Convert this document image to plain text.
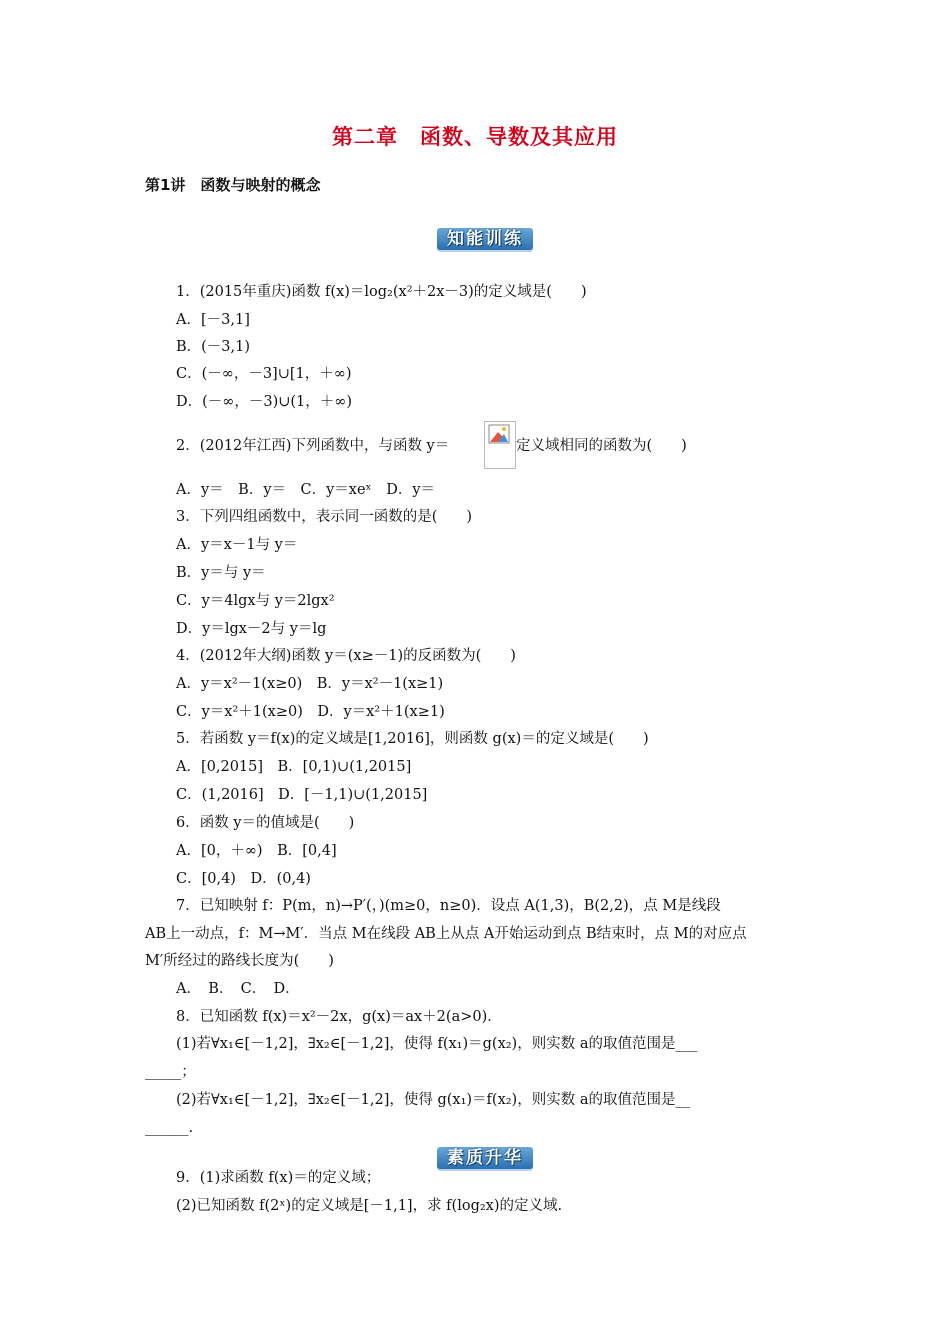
第二章　函数、导数及其应用
第1讲　函数与映射的概念
知能训练
1．(2015年重庆)函数 f(x)＝log₂(x²＋2x－3)的定义域是(　　)
A．[－3,1]
B．(－3,1)
C．(－∞，－3]∪[1，＋∞)
D．(－∞，－3)∪(1，＋∞)
2．(2012年江西)下列函数中，与函数 y＝	定义域相同的函数为(　　)
A．y＝　B．y＝　C．y＝xeˣ　D．y＝
3．下列四组函数中，表示同一函数的是(　　)
A．y＝x－1与 y＝
B．y＝与 y＝
C．y＝4lgx与 y＝2lgx²
D．y＝lgx－2与 y＝lg
4．(2012年大纲)函数 y＝(x≥－1)的反函数为(　　)
A．y＝x²－1(x≥0)　B．y＝x²－1(x≥1)
C．y＝x²＋1(x≥0)　D．y＝x²＋1(x≥1)
5．若函数 y＝f(x)的定义域是[1,2016]，则函数 g(x)＝的定义域是(　　)
A．[0,2015]　B．[0,1)∪(1,2015]
C．(1,2016]　D．[－1,1)∪(1,2015]
6．函数 y＝的值域是(　　)
A．[0，＋∞)　B．[0,4]
C．[0,4)　D．(0,4)
7．已知映射 f：P(m，n)→P′(，)(m≥0，n≥0)．设点 A(1,3)，B(2,2)，点 M是线段
AB上一动点，f：M→M′．当点 M在线段 AB上从点 A开始运动到点 B结束时，点 M的对应点
M′所经过的路线长度为(　　)
A．　B．　C．　D．
8．已知函数 f(x)＝x²－2x，g(x)＝ax＋2(a>0)．
(1)若∀x₁∈[－1,2]，∃x₂∈[－1,2]，使得 f(x₁)＝g(x₂)，则实数 a的取值范围是___
_____；
(2)若∀x₁∈[－1,2]，∃x₂∈[－1,2]，使得 g(x₁)＝f(x₂)，则实数 a的取值范围是__
______.
素质升华
9．(1)求函数 f(x)＝的定义域；
(2)已知函数 f(2ˣ)的定义域是[－1,1]，求 f(log₂x)的定义域.
